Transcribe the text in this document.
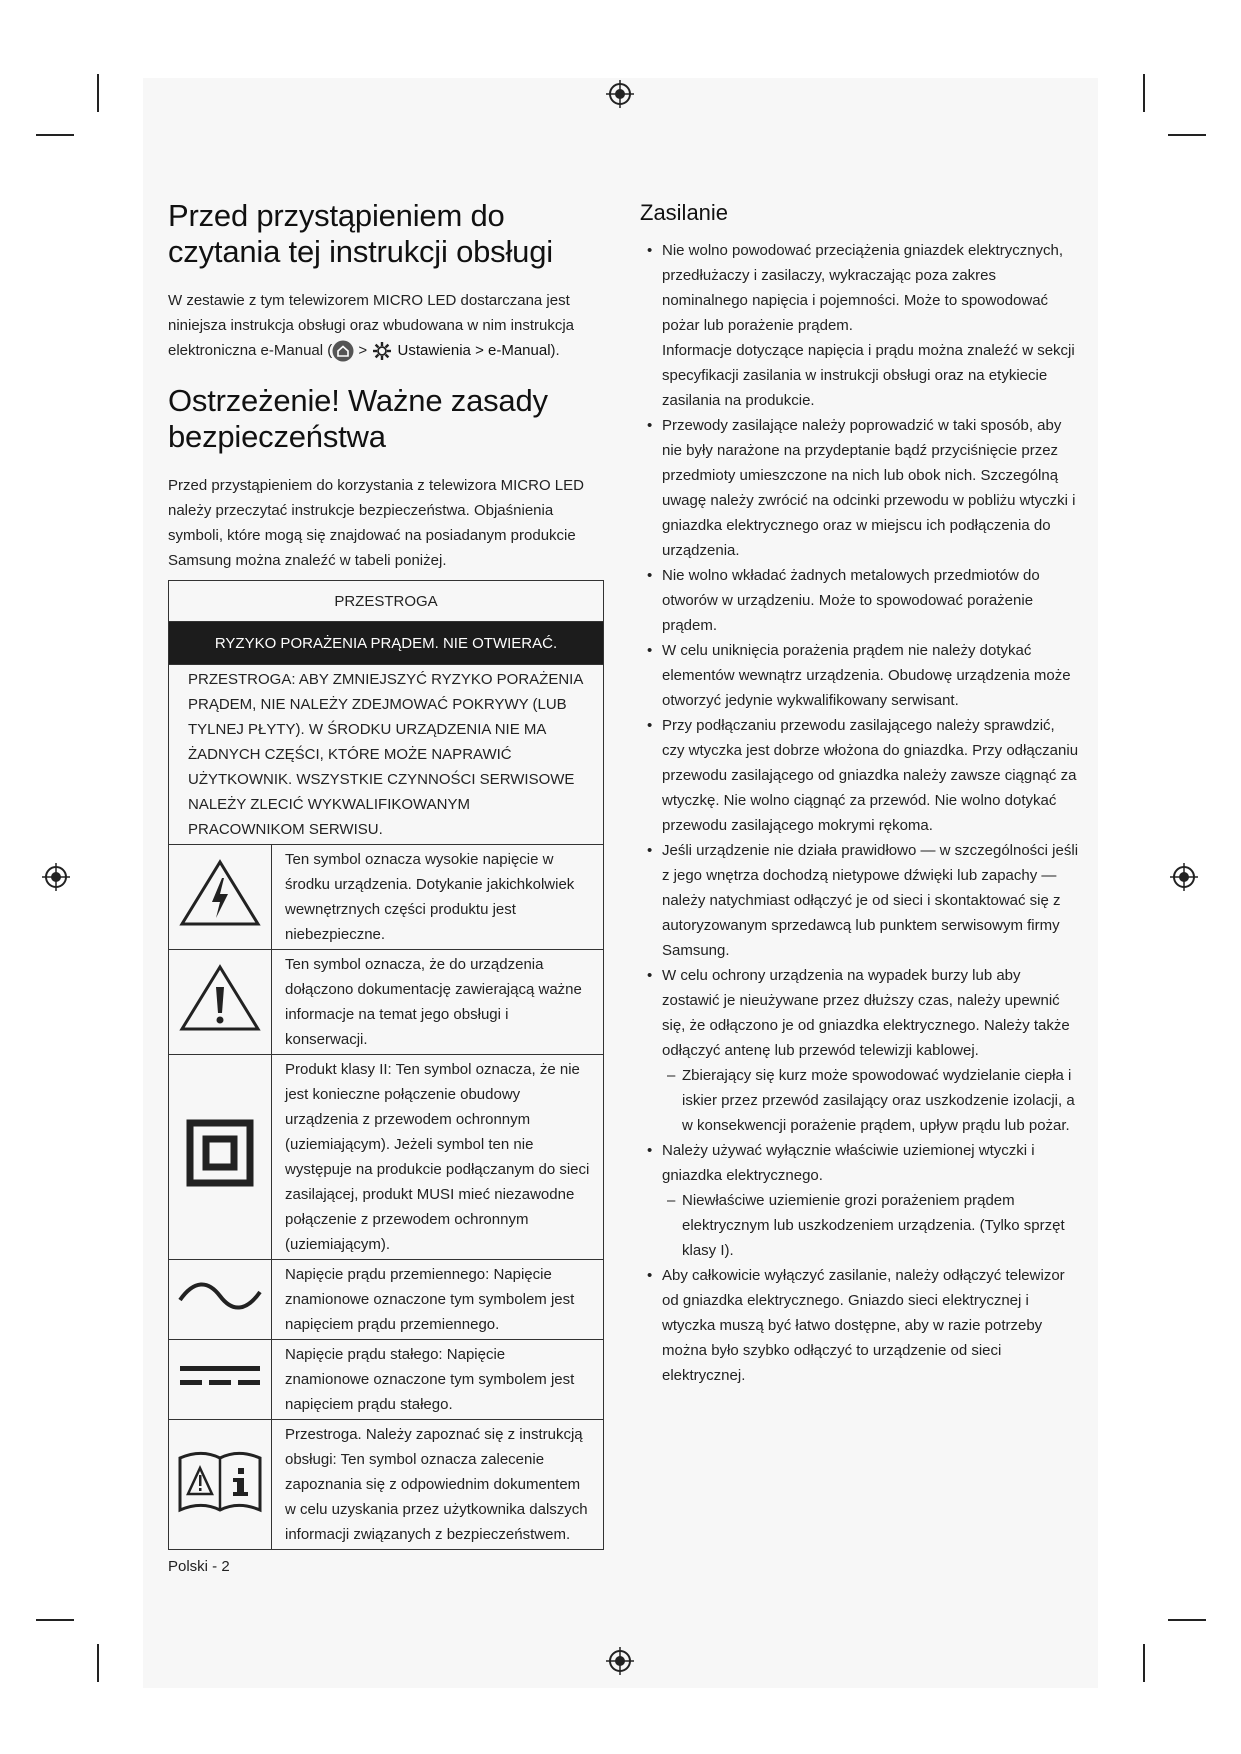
Przed przystąpieniem do czytania tej instrukcji obsługi

W zestawie z tym telewizorem MICRO LED dostarczana jest niniejsza instrukcja obsługi oraz wbudowana w nim instrukcja elektroniczna e-Manual ( >  Ustawienia > e-Manual).

Ostrzeżenie! Ważne zasady bezpieczeństwa

Przed przystąpieniem do korzystania z telewizora MICRO LED należy przeczytać instrukcje bezpieczeństwa. Objaśnienia symboli, które mogą się znajdować na posiadanym produkcie Samsung można znaleźć w tabeli poniżej.

PRZESTROGA	
RYZYKO PORAŻENIA PRĄDEM. NIE OTWIERAĆ.	
PRZESTROGA: ABY ZMNIEJSZYĆ RYZYKO PORAŻENIA PRĄDEM, NIE NALEŻY ZDEJMOWAĆ POKRYWY (LUB TYLNEJ PŁYTY). W ŚRODKU URZĄDZENIA NIE MA ŻADNYCH CZĘŚCI, KTÓRE MOŻE NAPRAWIĆ UŻYTKOWNIK. WSZYSTKIE CZYNNOŚCI SERWISOWE NALEŻY ZLECIĆ WYKWALIFIKOWANYM PRACOWNIKOM SERWISU.	
	Ten symbol oznacza wysokie napięcie w środku urządzenia. Dotykanie jakichkolwiek wewnętrznych części produktu jest niebezpieczne.
	Ten symbol oznacza, że do urządzenia dołączono dokumentację zawierającą ważne informacje na temat jego obsługi i konserwacji.
	Produkt klasy II: Ten symbol oznacza, że nie jest konieczne połączenie obudowy urządzenia z przewodem ochronnym (uziemiającym). Jeżeli symbol ten nie występuje na produkcie podłączanym do sieci zasilającej, produkt MUSI mieć niezawodne połączenie z przewodem ochronnym (uziemiającym).
	Napięcie prądu przemiennego: Napięcie znamionowe oznaczone tym symbolem jest napięciem prądu przemiennego.
	Napięcie prądu stałego: Napięcie znamionowe oznaczone tym symbolem jest napięciem prądu stałego.
	Przestroga. Należy zapoznać się z instrukcją obsługi: Ten symbol oznacza zalecenie zapoznania się z odpowiednim dokumentem w celu uzyskania przez użytkownika dalszych informacji związanych z bezpieczeństwem.
Zasilanie
• Nie wolno powodować przeciążenia gniazdek elektrycznych, przedłużaczy i zasilaczy, wykraczając poza zakres nominalnego napięcia i pojemności. Może to spowodować pożar lub porażenie prądem.
Informacje dotyczące napięcia i prądu można znaleźć w sekcji specyfikacji zasilania w instrukcji obsługi oraz na etykiecie zasilania na produkcie.
• Przewody zasilające należy poprowadzić w taki sposób, aby nie były narażone na przydeptanie bądź przyciśnięcie przez przedmioty umieszczone na nich lub obok nich. Szczególną uwagę należy zwrócić na odcinki przewodu w pobliżu wtyczki i gniazdka elektrycznego oraz w miejscu ich podłączenia do urządzenia.
• Nie wolno wkładać żadnych metalowych przedmiotów do otworów w urządzeniu. Może to spowodować porażenie prądem.
• W celu uniknięcia porażenia prądem nie należy dotykać elementów wewnątrz urządzenia. Obudowę urządzenia może otworzyć jedynie wykwalifikowany serwisant.
• Przy podłączaniu przewodu zasilającego należy sprawdzić, czy wtyczka jest dobrze włożona do gniazdka. Przy odłączaniu przewodu zasilającego od gniazdka należy zawsze ciągnąć za wtyczkę. Nie wolno ciągnąć za przewód. Nie wolno dotykać przewodu zasilającego mokrymi rękoma.
• Jeśli urządzenie nie działa prawidłowo — w szczególności jeśli z jego wnętrza dochodzą nietypowe dźwięki lub zapachy — należy natychmiast odłączyć je od sieci i skontaktować się z autoryzowanym sprzedawcą lub punktem serwisowym firmy Samsung.
• W celu ochrony urządzenia na wypadek burzy lub aby zostawić je nieużywane przez dłuższy czas, należy upewnić się, że odłączono je od gniazdka elektrycznego. Należy także odłączyć antenę lub przewód telewizji kablowej.
– Zbierający się kurz może spowodować wydzielanie ciepła i iskier przez przewód zasilający oraz uszkodzenie izolacji, a w konsekwencji porażenie prądem, upływ prądu lub pożar.
• Należy używać wyłącznie właściwie uziemionej wtyczki i gniazdka elektrycznego.
– Niewłaściwe uziemienie grozi porażeniem prądem elektrycznym lub uszkodzeniem urządzenia. (Tylko sprzęt klasy I).
• Aby całkowicie wyłączyć zasilanie, należy odłączyć telewizor od gniazdka elektrycznego. Gniazdo sieci elektrycznej i wtyczka muszą być łatwo dostępne, aby w razie potrzeby można było szybko odłączyć to urządzenie od sieci elektrycznej.
Polski - 2
